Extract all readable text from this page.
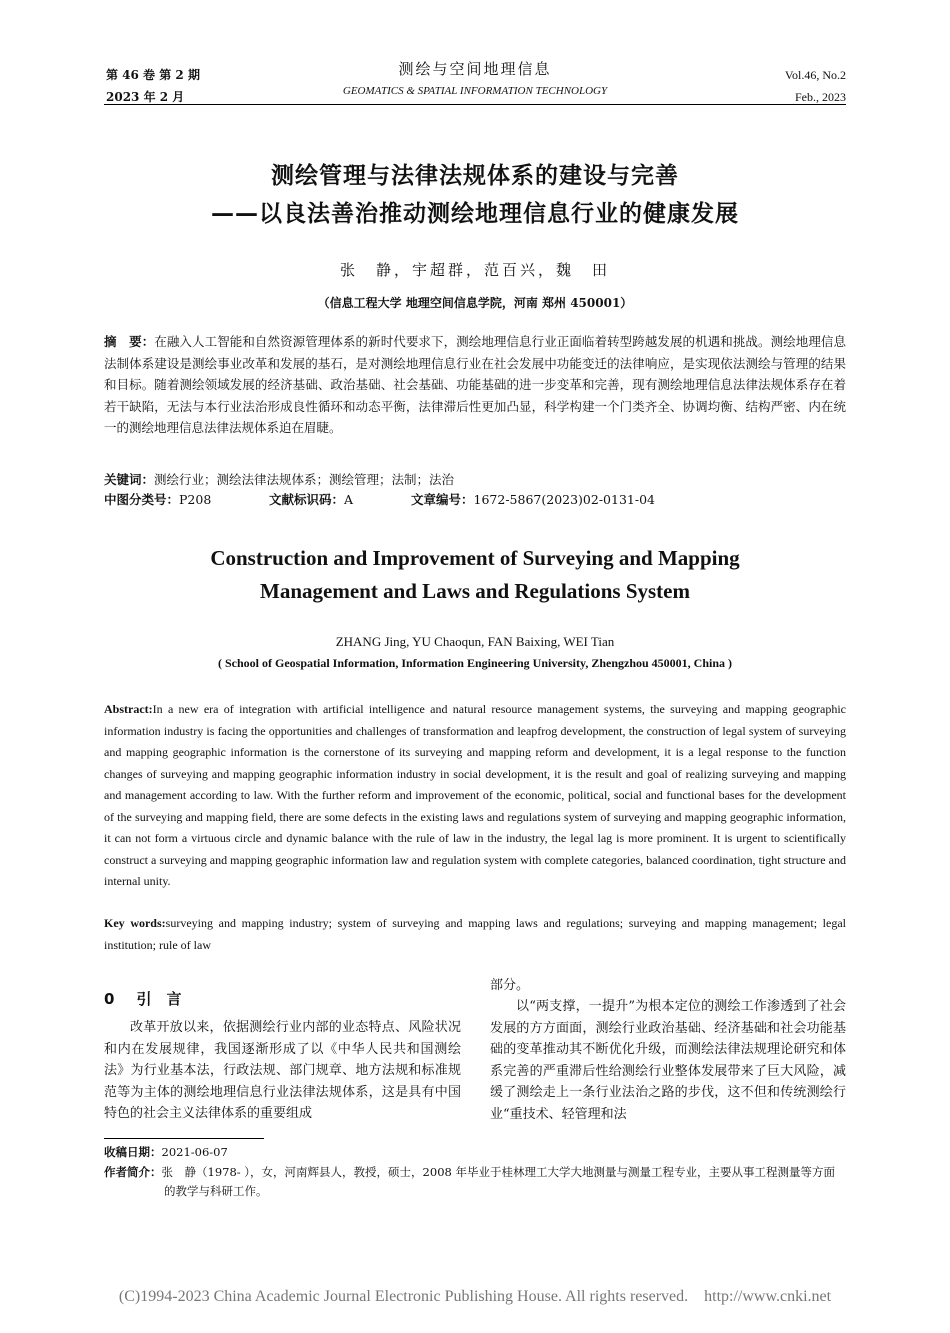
第 46 卷 第 2 期
2023 年 2 月
测绘与空间地理信息
GEOMATICS & SPATIAL INFORMATION TECHNOLOGY
Vol.46, No.2
Feb., 2023
测绘管理与法律法规体系的建设与完善
——以良法善治推动测绘地理信息行业的健康发展
张　静，宇超群，范百兴，魏　田
（信息工程大学 地理空间信息学院，河南 郑州 450001）
摘　要：在融入人工智能和自然资源管理体系的新时代要求下，测绘地理信息行业正面临着转型跨越发展的机遇和挑战。测绘地理信息法制体系建设是测绘事业改革和发展的基石，是对测绘地理信息行业在社会发展中功能变迁的法律响应，是实现依法测绘与管理的结果和目标。随着测绘领域发展的经济基础、政治基础、社会基础、功能基础的进一步变革和完善，现有测绘地理信息法律法规体系存在着若干缺陷，无法与本行业法治形成良性循环和动态平衡，法律滞后性更加凸显，科学构建一个门类齐全、协调均衡、结构严密、内在统一的测绘地理信息法律法规体系迫在眉睫。
关键词：测绘行业；测绘法律法规体系；测绘管理；法制；法治
中图分类号：P208	文献标识码：A	文章编号：1672-5867(2023)02-0131-04
Construction and Improvement of Surveying and Mapping
Management and Laws and Regulations System
ZHANG Jing, YU Chaoqun, FAN Baixing, WEI Tian
( School of Geospatial Information, Information Engineering University, Zhengzhou 450001, China )
Abstract:In a new era of integration with artificial intelligence and natural resource management systems, the surveying and mapping geographic information industry is facing the opportunities and challenges of transformation and leapfrog development, the construction of legal system of surveying and mapping geographic information is the cornerstone of its surveying and mapping reform and development, it is a legal response to the function changes of surveying and mapping geographic information industry in social development, it is the result and goal of realizing surveying and mapping and management according to law. With the further reform and improvement of the economic, political, social and functional bases for the development of the surveying and mapping field, there are some defects in the existing laws and regulations system of surveying and mapping geographic information, it can not form a virtuous circle and dynamic balance with the rule of law in the industry, the legal lag is more prominent. It is urgent to scientifically construct a surveying and mapping geographic information law and regulation system with complete categories, balanced coordination, tight structure and internal unity.
Key words:surveying and mapping industry; system of surveying and mapping laws and regulations; surveying and mapping management; legal institution; rule of law
0 引　言
改革开放以来，依据测绘行业内部的业态特点、风险状况和内在发展规律，我国逐渐形成了以《中华人民共和国测绘法》为行业基本法，行政法规、部门规章、地方法规和标准规范等为主体的测绘地理信息行业法律法规体系，这是具有中国特色的社会主义法律体系的重要组成
部分。
以“两支撑，一提升”为根本定位的测绘工作渗透到了社会发展的方方面面，测绘行业政治基础、经济基础和社会功能基础的变革推动其不断优化升级，而测绘法律法规理论研究和体系完善的严重滞后性给测绘行业整体发展带来了巨大风险，减缓了测绘走上一条行业法治之路的步伐，这不但和传统测绘行业“重技术、轻管理和法
收稿日期：2021-06-07
作者简介：张　静（1978- ），女，河南辉县人，教授，硕士，2008 年毕业于桂林理工大学大地测量与测量工程专业，主要从事工程测量等方面的教学与科研工作。
(C)1994-2023 China Academic Journal Electronic Publishing House. All rights reserved.    http://www.cnki.net
